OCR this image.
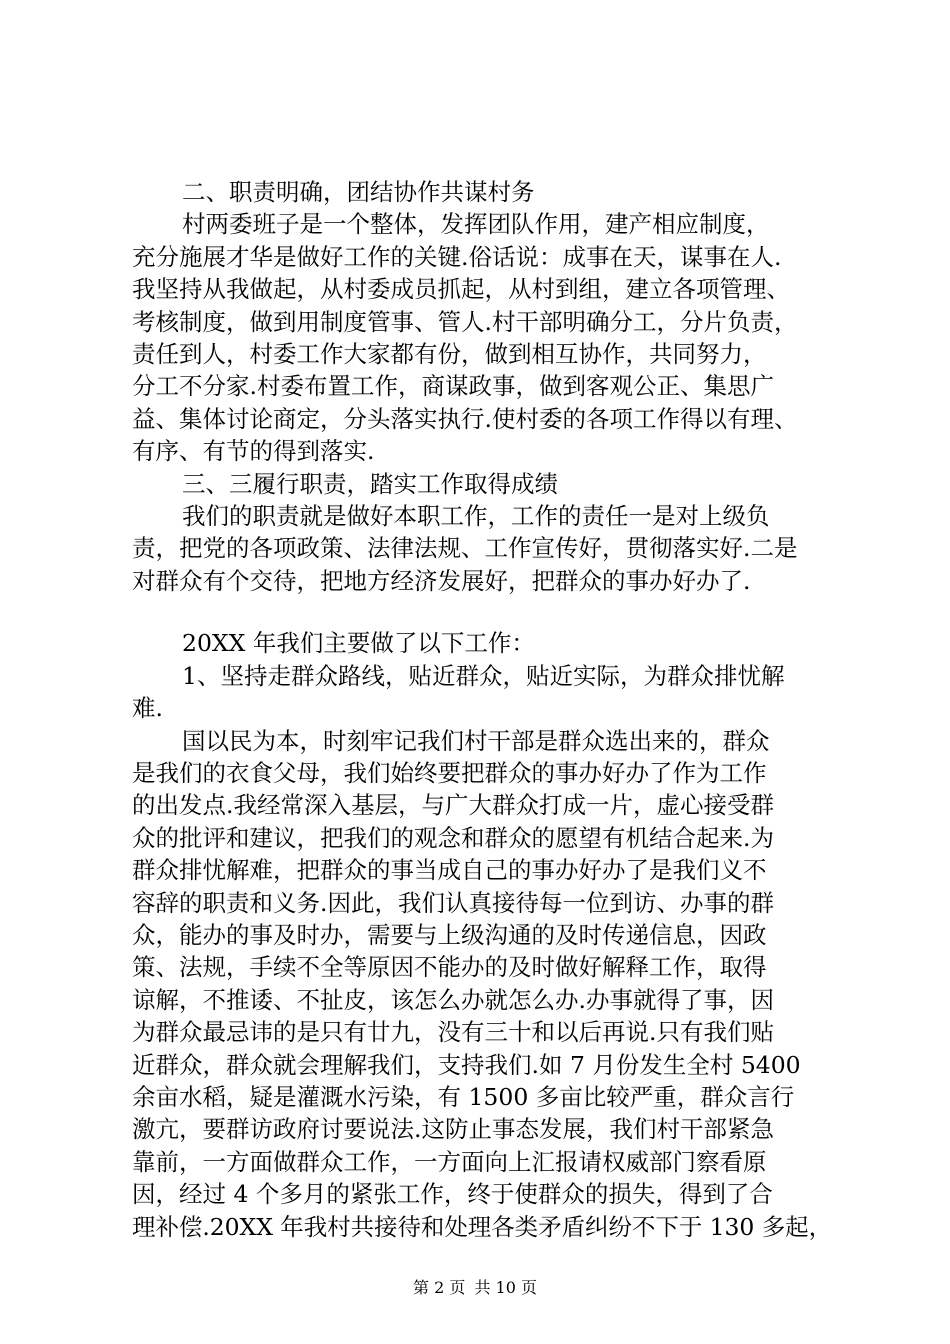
二、职责明确，团结协作共谋村务
村两委班子是一个整体，发挥团队作用，建产相应制度，
充分施展才华是做好工作的关键.俗话说：成事在天，谋事在人.
我坚持从我做起，从村委成员抓起，从村到组，建立各项管理、
考核制度，做到用制度管事、管人.村干部明确分工，分片负责，
责任到人，村委工作大家都有份，做到相互协作，共同努力，
分工不分家.村委布置工作，商谋政事，做到客观公正、集思广
益、集体讨论商定，分头落实执行.使村委的各项工作得以有理、
有序、有节的得到落实.
三、三履行职责，踏实工作取得成绩
我们的职责就是做好本职工作，工作的责任一是对上级负
责，把党的各项政策、法律法规、工作宣传好，贯彻落实好.二是
对群众有个交待，把地方经济发展好，把群众的事办好办了.
20XX 年我们主要做了以下工作：
1、坚持走群众路线，贴近群众，贴近实际，为群众排忧解
难.
国以民为本，时刻牢记我们村干部是群众选出来的，群众
是我们的衣食父母，我们始终要把群众的事办好办了作为工作
的出发点.我经常深入基层，与广大群众打成一片，虚心接受群
众的批评和建议，把我们的观念和群众的愿望有机结合起来.为
群众排忧解难，把群众的事当成自己的事办好办了是我们义不
容辞的职责和义务.因此，我们认真接待每一位到访、办事的群
众，能办的事及时办，需要与上级沟通的及时传递信息，因政
策、法规，手续不全等原因不能办的及时做好解释工作，取得
谅解，不推诿、不扯皮，该怎么办就怎么办.办事就得了事，因
为群众最忌讳的是只有廿九，没有三十和以后再说.只有我们贴
近群众，群众就会理解我们，支持我们.如 7 月份发生全村 5400
余亩水稻，疑是灌溉水污染，有 1500 多亩比较严重，群众言行
激亢，要群访政府讨要说法.这防止事态发展，我们村干部紧急
靠前，一方面做群众工作，一方面向上汇报请权威部门察看原
因，经过 4 个多月的紧张工作，终于使群众的损失，得到了合
理补偿.20XX 年我村共接待和处理各类矛盾纠纷不下于 130 多起，
第 2 页 共 10 页
